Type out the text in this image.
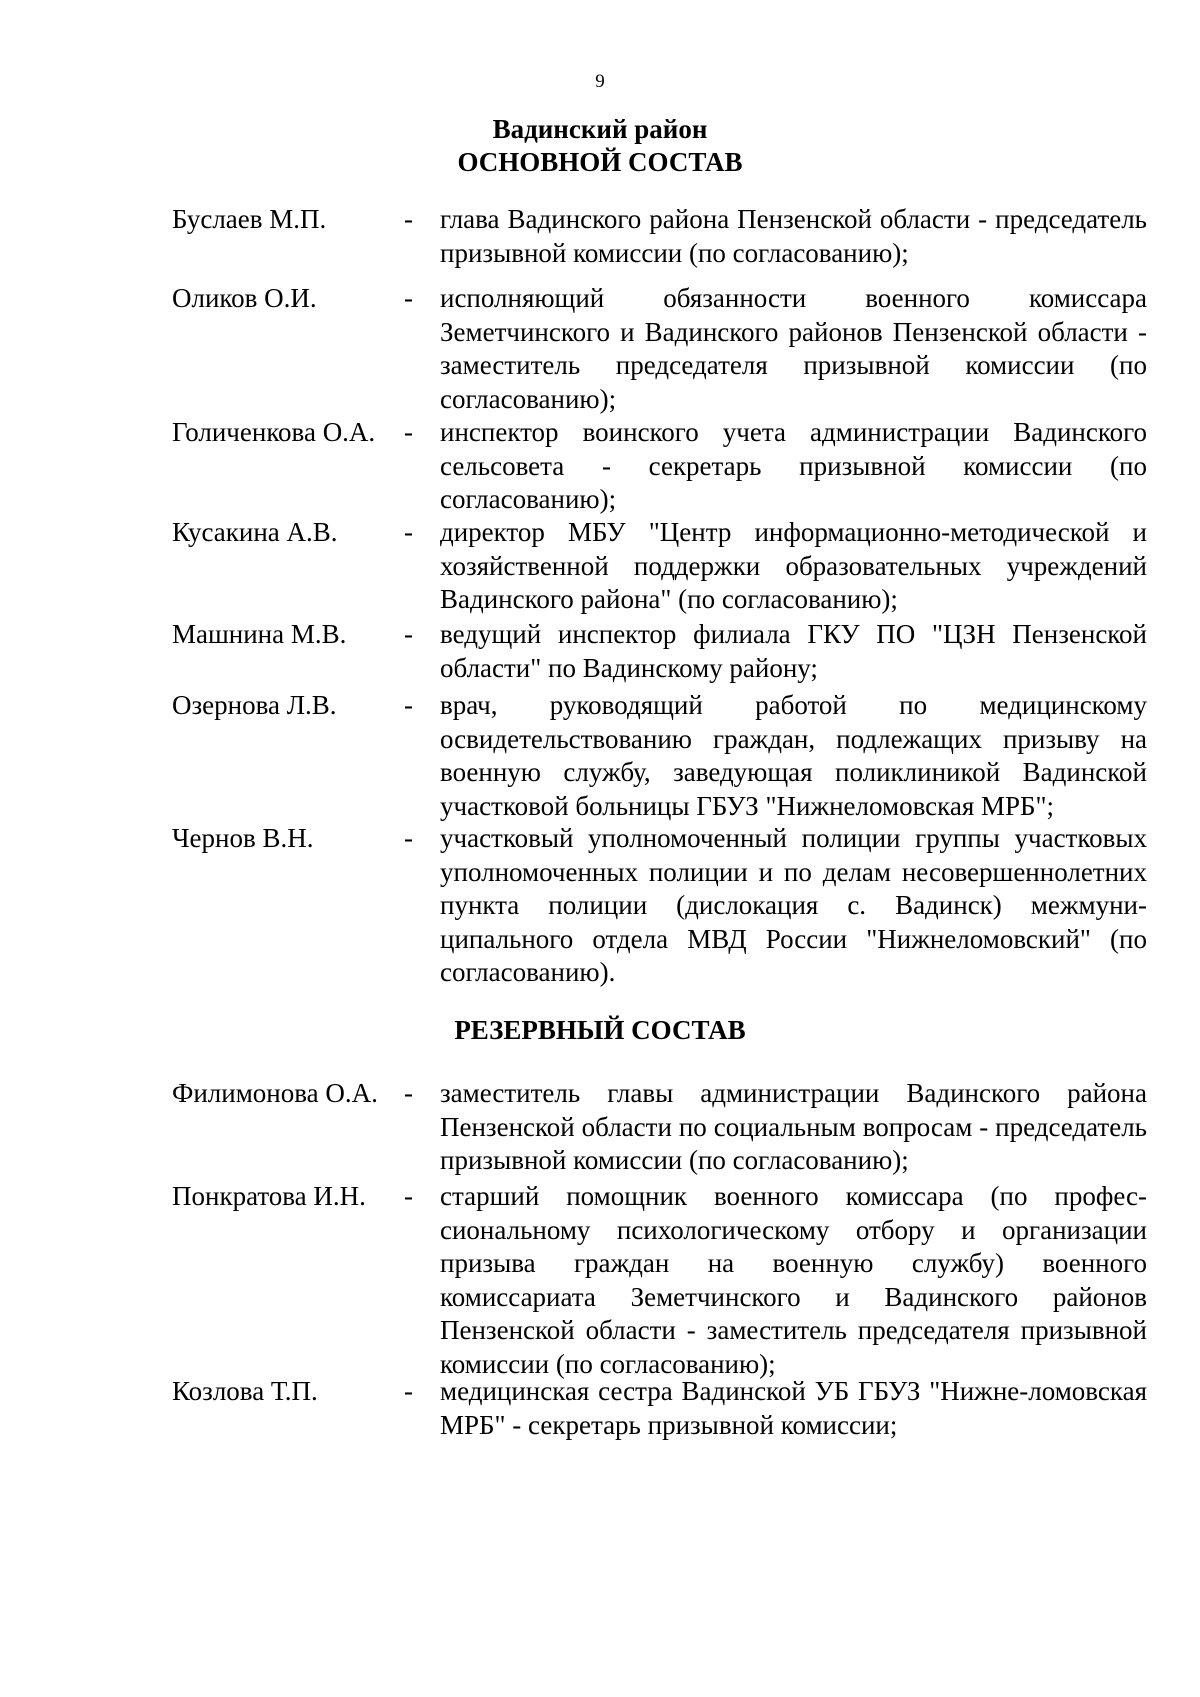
9
Вадинский район
ОСНОВНОЙ СОСТАВ
Буслаев М.П.	- глава Вадинского района Пензенской области - председатель призывной комиссии (по согласованию);
Оликов О.И.	- исполняющий обязанности военного комиссара Земетчинского и Вадинского районов Пензенской области - заместитель председателя призывной комиссии (по согласованию);
Голиченкова О.А. - инспектор воинского учета администрации Вадинского сельсовета - секретарь призывной комиссии (по согласованию);
Кусакина А.В. - директор МБУ "Центр информационно-методической и хозяйственной поддержки образовательных учреждений Вадинского района" (по согласованию);
Машнина М.В. - ведущий инспектор филиала ГКУ ПО "ЦЗН Пензенской области" по Вадинскому району;
Озернова Л.В. - врач, руководящий работой по медицинскому освидетельствованию граждан, подлежащих призыву на военную службу, заведующая поликлиникой Вадинской участковой больницы ГБУЗ "Нижнеломовская МРБ";
Чернов В.Н.	- участковый уполномоченный полиции группы участковых уполномоченных полиции и по делам несовершеннолетних пункта полиции (дислокация с. Вадинск) межмуни-ципального отдела МВД России "Нижнеломовский" (по согласованию).
РЕЗЕРВНЫЙ СОСТАВ
Филимонова О.А. - заместитель главы администрации Вадинского района Пензенской области по социальным вопросам - председатель призывной комиссии (по согласованию);
Понкратова И.Н. - старший помощник военного комиссара (по профес-сиональному психологическому отбору и организации призыва граждан на военную службу) военного комиссариата Земетчинского и Вадинского районов Пензенской области - заместитель председателя призывной комиссии (по согласованию);
Козлова Т.П.	- медицинская сестра Вадинской УБ ГБУЗ "Нижне-ломовская МРБ" - секретарь призывной комиссии;
